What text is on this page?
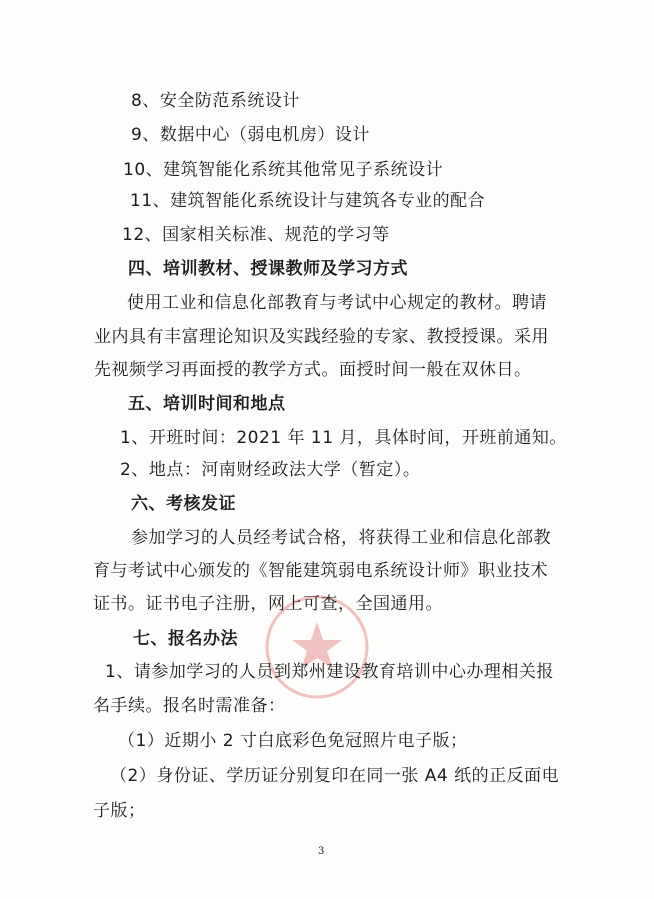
8、安全防范系统设计
9、数据中心（弱电机房）设计
10、建筑智能化系统其他常见子系统设计
11、建筑智能化系统设计与建筑各专业的配合
12、国家相关标准、规范的学习等
四、培训教材、授课教师及学习方式
使用工业和信息化部教育与考试中心规定的教材。聘请
业内具有丰富理论知识及实践经验的专家、教授授课。采用
先视频学习再面授的教学方式。面授时间一般在双休日。
五、培训时间和地点
1、开班时间：2021 年 11 月，具体时间，开班前通知。
2、地点：河南财经政法大学（暂定）。
六、考核发证
参加学习的人员经考试合格，将获得工业和信息化部教
育与考试中心颁发的《智能建筑弱电系统设计师》职业技术
证书。证书电子注册，网上可查，全国通用。
七、报名办法
1、请参加学习的人员到郑州建设教育培训中心办理相关报
名手续。报名时需准备：
（1）近期小 2 寸白底彩色免冠照片电子版；
（2）身份证、学历证分别复印在同一张 A4 纸的正反面电
子版；
3
